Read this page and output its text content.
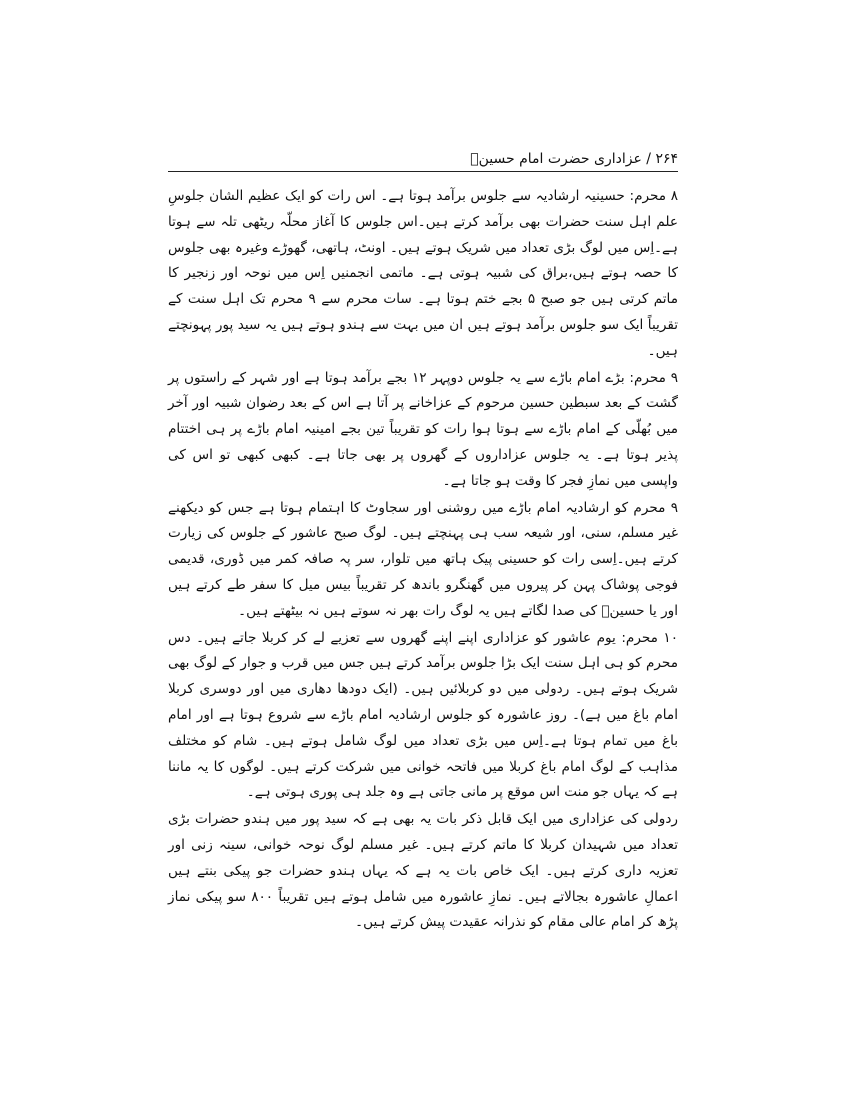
۲۶۴ / عزاداری حضرت امام حسینؑ

۸ محرم: حسینیہ ارشادیہ سے جلوس برآمد ہوتا ہے۔ اس رات کو ایک عظیم الشان جلوسِ علم اہل سنت حضرات بھی برآمد کرتے ہیں۔اس جلوس کا آغاز محلّہ ریٹھی تلہ سے ہوتا ہے۔اِس میں لوگ بڑی تعداد میں شریک ہوتے ہیں۔ اونٹ، ہاتھی، گھوڑے وغیرہ بھی جلوس کا حصہ ہوتے ہیں،براق کی شبیہ ہوتی ہے۔ ماتمی انجمنیں اِس میں نوحہ اور زنجیر کا ماتم کرتی ہیں جو صبح ۵ بجے ختم ہوتا ہے۔ سات محرم سے ۹ محرم تک اہل سنت کے تقریباً ایک سو جلوس برآمد ہوتے ہیں ان میں بہت سے ہندو ہوتے ہیں یہ سید پور پہونچتے ہیں۔

۹ محرم: بڑے امام باڑے سے یہ جلوس دوپہر ۱۲ بجے برآمد ہوتا ہے اور شہر کے راستوں پر گشت کے بعد سبطین حسین مرحوم کے عزاخانے پر آتا ہے اس کے بعد رضوان شبیہ اور آخر میں بُھلّی کے امام باڑے سے ہوتا ہوا رات کو تقریباً تین بجے امینیہ امام باڑے پر ہی اختتام پذیر ہوتا ہے۔ یہ جلوس عزاداروں کے گھروں پر بھی جاتا ہے۔ کبھی کبھی تو اس کی واپسی میں نمازِ فجر کا وقت ہو جاتا ہے۔

۹ محرم کو ارشادیہ امام باڑے میں روشنی اور سجاوٹ کا اہتمام ہوتا ہے جس کو دیکھنے غیر مسلم، سنی، اور شیعہ سب ہی پہنچتے ہیں۔ لوگ صبح عاشور کے جلوس کی زیارت کرتے ہیں۔اِسی رات کو حسینی پیک ہاتھ میں تلوار، سر پہ صافہ کمر میں ڈوری، قدیمی فوجی پوشاک پہن کر پیروں میں گھنگرو باندھ کر تقریباً بیس میل کا سفر طے کرتے ہیں اور یا حسینؑ کی صدا لگاتے ہیں یہ لوگ رات بھر نہ سوتے ہیں نہ بیٹھتے ہیں۔

۱۰ محرم: یوم عاشور کو عزاداری اپنے اپنے گھروں سے تعزیے لے کر کربلا جاتے ہیں۔ دس محرم کو ہی اہل سنت ایک بڑا جلوس برآمد کرتے ہیں جس میں قرب و جوار کے لوگ بھی شریک ہوتے ہیں۔ ردولی میں دو کربلائیں ہیں۔ (ایک دودھا دھاری میں اور دوسری کربلا امام باغ میں ہے)۔ روز عاشورہ کو جلوس ارشادیہ امام باڑے سے شروع ہوتا ہے اور امام باغ میں تمام ہوتا ہے۔اِس میں بڑی تعداد میں لوگ شامل ہوتے ہیں۔ شام کو مختلف مذاہب کے لوگ امام باغ کربلا میں فاتحہ خوانی میں شرکت کرتے ہیں۔ لوگوں کا یہ ماننا ہے کہ یہاں جو منت اس موقع پر مانی جاتی ہے وہ جلد ہی پوری ہوتی ہے۔

ردولی کی عزاداری میں ایک قابل ذکر بات یہ بھی ہے کہ سید پور میں ہندو حضرات بڑی تعداد میں شہیدان کربلا کا ماتم کرتے ہیں۔ غیر مسلم لوگ نوحہ خوانی، سینہ زنی اور تعزیہ داری کرتے ہیں۔ ایک خاص بات یہ ہے کہ یہاں ہندو حضرات جو پیکی بنتے ہیں اعمالِ عاشورہ بجالاتے ہیں۔ نمازِ عاشورہ میں شامل ہوتے ہیں تقریباً ۸۰۰ سو پیکی نماز پڑھ کر امام عالی مقام کو نذرانہ عقیدت پیش کرتے ہیں۔
